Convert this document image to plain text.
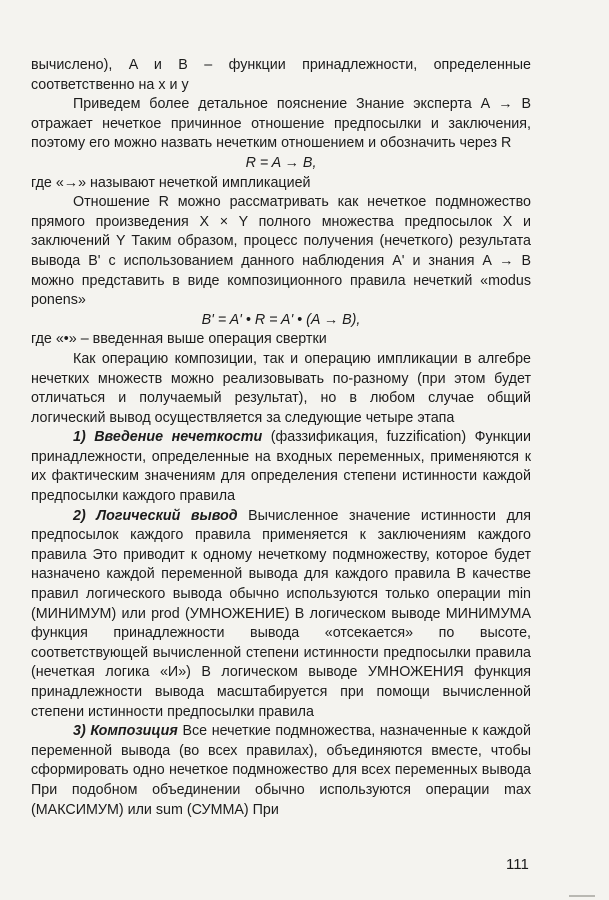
вычислено), A и B – функции принадлежности, определенные соответственно на x и y

Приведем более детальное пояснение Знание эксперта A → B отражает нечеткое причинное отношение предпосылки и заключения, поэтому его можно назвать нечетким отношением и обозначить через R

R = A → B,

где «→» называют нечеткой импликацией

Отношение R можно рассматривать как нечеткое подмножество прямого произведения X × Y полного множества предпосылок X и заключений Y Таким образом, процесс получения (нечеткого) результата вывода B' с использованием данного наблюдения A' и знания A → B можно представить в виде композиционного правила нечеткий «modus ponens»

B' = A' • R = A' • (A → B),

где «•» – введенная выше операция свертки

Как операцию композиции, так и операцию импликации в алгебре нечетких множеств можно реализовывать по-разному (при этом будет отличаться и получаемый результат), но в любом случае общий логический вывод осуществляется за следующие четыре этапа

1) Введение нечеткости (фаззификация, fuzzification) Функции принадлежности, определенные на входных переменных, применяются к их фактическим значениям для определения степени истинности каждой предпосылки каждого правила

2) Логический вывод Вычисленное значение истинности для предпосылок каждого правила применяется к заключениям каждого правила Это приводит к одному нечеткому подмножеству, которое будет назначено каждой переменной вывода для каждого правила В качестве правил логического вывода обычно используются только операции min (МИНИМУМ) или prod (УМНОЖЕНИЕ) В логическом выводе МИНИМУМА функция принадлежности вывода «отсекается» по высоте, соответствующей вычисленной степени истинности предпосылки правила (нечеткая логика «И») В логическом выводе УМНОЖЕНИЯ функция принадлежности вывода масштабируется при помощи вычисленной степени истинности предпосылки правила

3) Композиция Все нечеткие подмножества, назначенные к каждой переменной вывода (во всех правилах), объединяются вместе, чтобы сформировать одно нечеткое подмножество для всех переменных вывода При подобном объединении обычно используются операции max (МАКСИМУМ) или sum (СУММА) При

111
